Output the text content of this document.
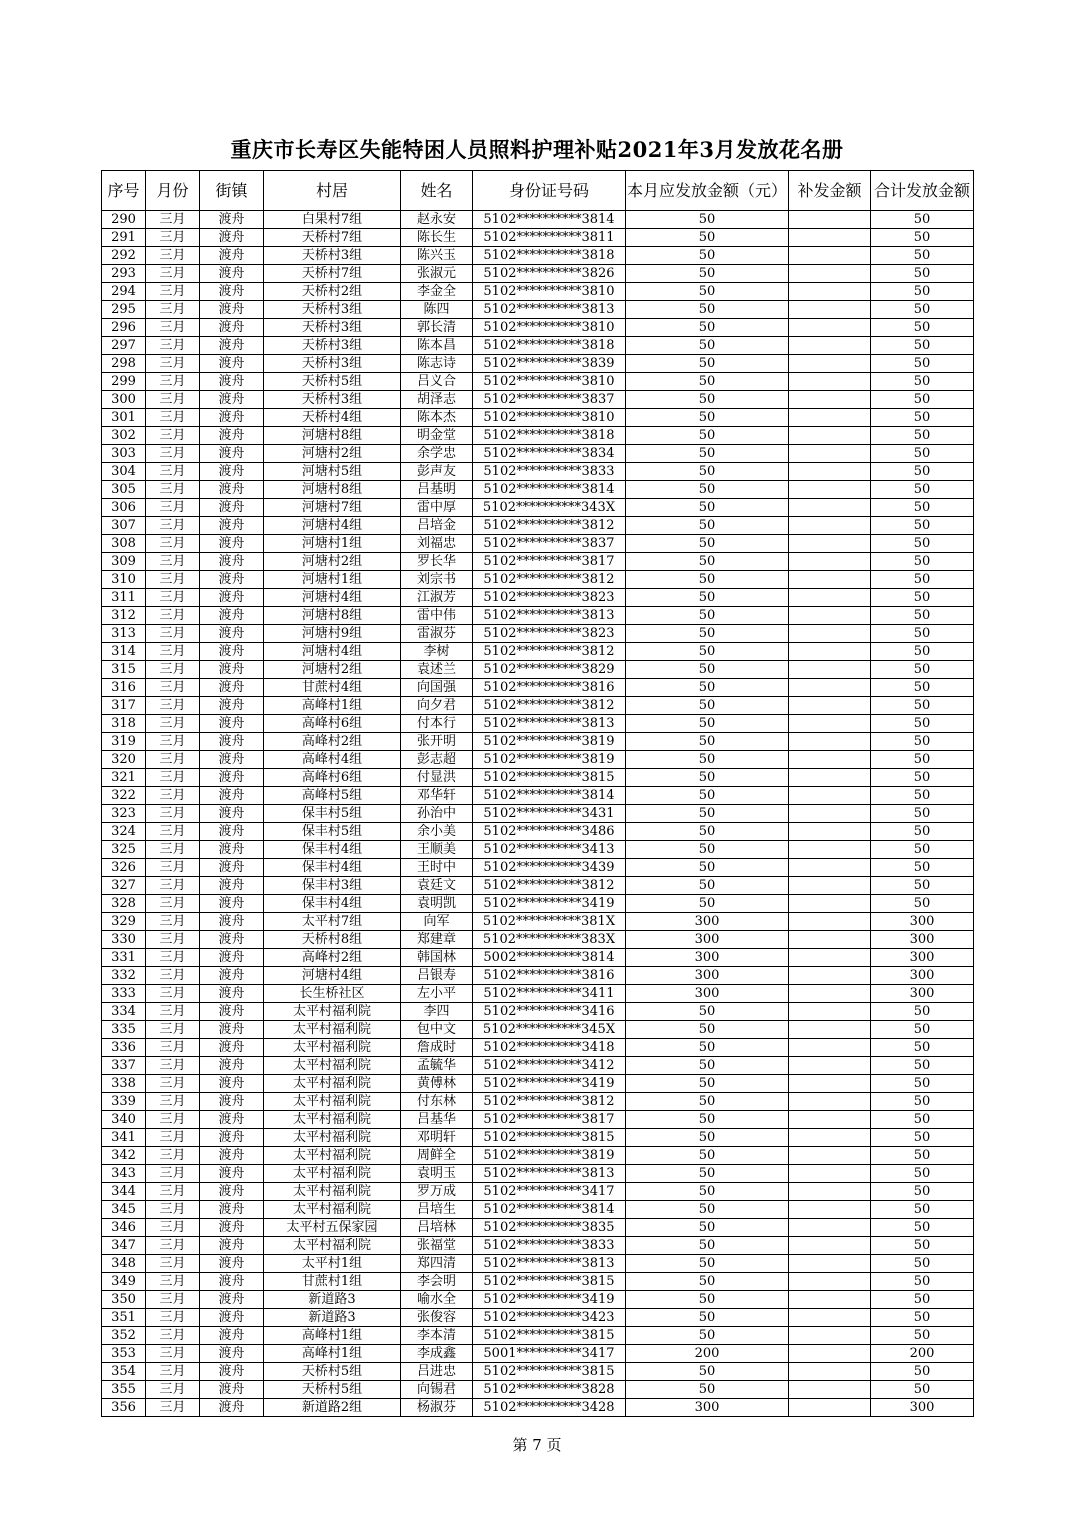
重庆市长寿区失能特困人员照料护理补贴2021年3月发放花名册
序号	月份	街镇	村居	姓名	身份证号码	本月应发放金额（元）	补发金额	合计发放金额
290	三月	渡舟	白果村7组	赵永安	5102**********3814	50		50
291	三月	渡舟	天桥村7组	陈长生	5102**********3811	50		50
292	三月	渡舟	天桥村3组	陈兴玉	5102**********3818	50		50
293	三月	渡舟	天桥村7组	张淑元	5102**********3826	50		50
294	三月	渡舟	天桥村2组	李金全	5102**********3810	50		50
295	三月	渡舟	天桥村3组	陈四	5102**********3813	50		50
296	三月	渡舟	天桥村3组	郭长清	5102**********3810	50		50
297	三月	渡舟	天桥村3组	陈本昌	5102**********3818	50		50
298	三月	渡舟	天桥村3组	陈志诗	5102**********3839	50		50
299	三月	渡舟	天桥村5组	吕义合	5102**********3810	50		50
300	三月	渡舟	天桥村3组	胡泽志	5102**********3837	50		50
301	三月	渡舟	天桥村4组	陈本杰	5102**********3810	50		50
302	三月	渡舟	河塘村8组	明金堂	5102**********3818	50		50
303	三月	渡舟	河塘村2组	余学忠	5102**********3834	50		50
304	三月	渡舟	河塘村5组	彭声友	5102**********3833	50		50
305	三月	渡舟	河塘村8组	吕基明	5102**********3814	50		50
306	三月	渡舟	河塘村7组	雷中厚	5102**********343X	50		50
307	三月	渡舟	河塘村4组	吕培金	5102**********3812	50		50
308	三月	渡舟	河塘村1组	刘福忠	5102**********3837	50		50
309	三月	渡舟	河塘村2组	罗长华	5102**********3817	50		50
310	三月	渡舟	河塘村1组	刘宗书	5102**********3812	50		50
311	三月	渡舟	河塘村4组	江淑芳	5102**********3823	50		50
312	三月	渡舟	河塘村8组	雷中伟	5102**********3813	50		50
313	三月	渡舟	河塘村9组	雷淑芬	5102**********3823	50		50
314	三月	渡舟	河塘村4组	李树	5102**********3812	50		50
315	三月	渡舟	河塘村2组	袁述兰	5102**********3829	50		50
316	三月	渡舟	甘蔗村4组	向国强	5102**********3816	50		50
317	三月	渡舟	高峰村1组	向夕君	5102**********3812	50		50
318	三月	渡舟	高峰村6组	付本行	5102**********3813	50		50
319	三月	渡舟	高峰村2组	张开明	5102**********3819	50		50
320	三月	渡舟	高峰村4组	彭志超	5102**********3819	50		50
321	三月	渡舟	高峰村6组	付显洪	5102**********3815	50		50
322	三月	渡舟	高峰村5组	邓华轩	5102**********3814	50		50
323	三月	渡舟	保丰村5组	孙治中	5102**********3431	50		50
324	三月	渡舟	保丰村5组	余小美	5102**********3486	50		50
325	三月	渡舟	保丰村4组	王顺美	5102**********3413	50		50
326	三月	渡舟	保丰村4组	王时中	5102**********3439	50		50
327	三月	渡舟	保丰村3组	袁廷文	5102**********3812	50		50
328	三月	渡舟	保丰村4组	袁明凯	5102**********3419	50		50
329	三月	渡舟	太平村7组	向军	5102**********381X	300		300
330	三月	渡舟	天桥村8组	郑建章	5102**********383X	300		300
331	三月	渡舟	高峰村2组	韩国林	5002**********3814	300		300
332	三月	渡舟	河塘村4组	吕银寿	5102**********3816	300		300
333	三月	渡舟	长生桥社区	左小平	5102**********3411	300		300
334	三月	渡舟	太平村福利院	李四	5102**********3416	50		50
335	三月	渡舟	太平村福利院	包中文	5102**********345X	50		50
336	三月	渡舟	太平村福利院	詹成时	5102**********3418	50		50
337	三月	渡舟	太平村福利院	孟毓华	5102**********3412	50		50
338	三月	渡舟	太平村福利院	黄傅林	5102**********3419	50		50
339	三月	渡舟	太平村福利院	付东林	5102**********3812	50		50
340	三月	渡舟	太平村福利院	吕基华	5102**********3817	50		50
341	三月	渡舟	太平村福利院	邓明轩	5102**********3815	50		50
342	三月	渡舟	太平村福利院	周鲜全	5102**********3819	50		50
343	三月	渡舟	太平村福利院	袁明玉	5102**********3813	50		50
344	三月	渡舟	太平村福利院	罗万成	5102**********3417	50		50
345	三月	渡舟	太平村福利院	吕培生	5102**********3814	50		50
346	三月	渡舟	太平村五保家园	吕培林	5102**********3835	50		50
347	三月	渡舟	太平村福利院	张福堂	5102**********3833	50		50
348	三月	渡舟	太平村1组	郑四清	5102**********3813	50		50
349	三月	渡舟	甘蔗村1组	李会明	5102**********3815	50		50
350	三月	渡舟	新道路3	喻水全	5102**********3419	50		50
351	三月	渡舟	新道路3	张俊容	5102**********3423	50		50
352	三月	渡舟	高峰村1组	李本清	5102**********3815	50		50
353	三月	渡舟	高峰村1组	李成鑫	5001**********3417	200		200
354	三月	渡舟	天桥村5组	吕进忠	5102**********3815	50		50
355	三月	渡舟	天桥村5组	向锡君	5102**********3828	50		50
356	三月	渡舟	新道路2组	杨淑芬	5102**********3428	300		300
第 7 页
